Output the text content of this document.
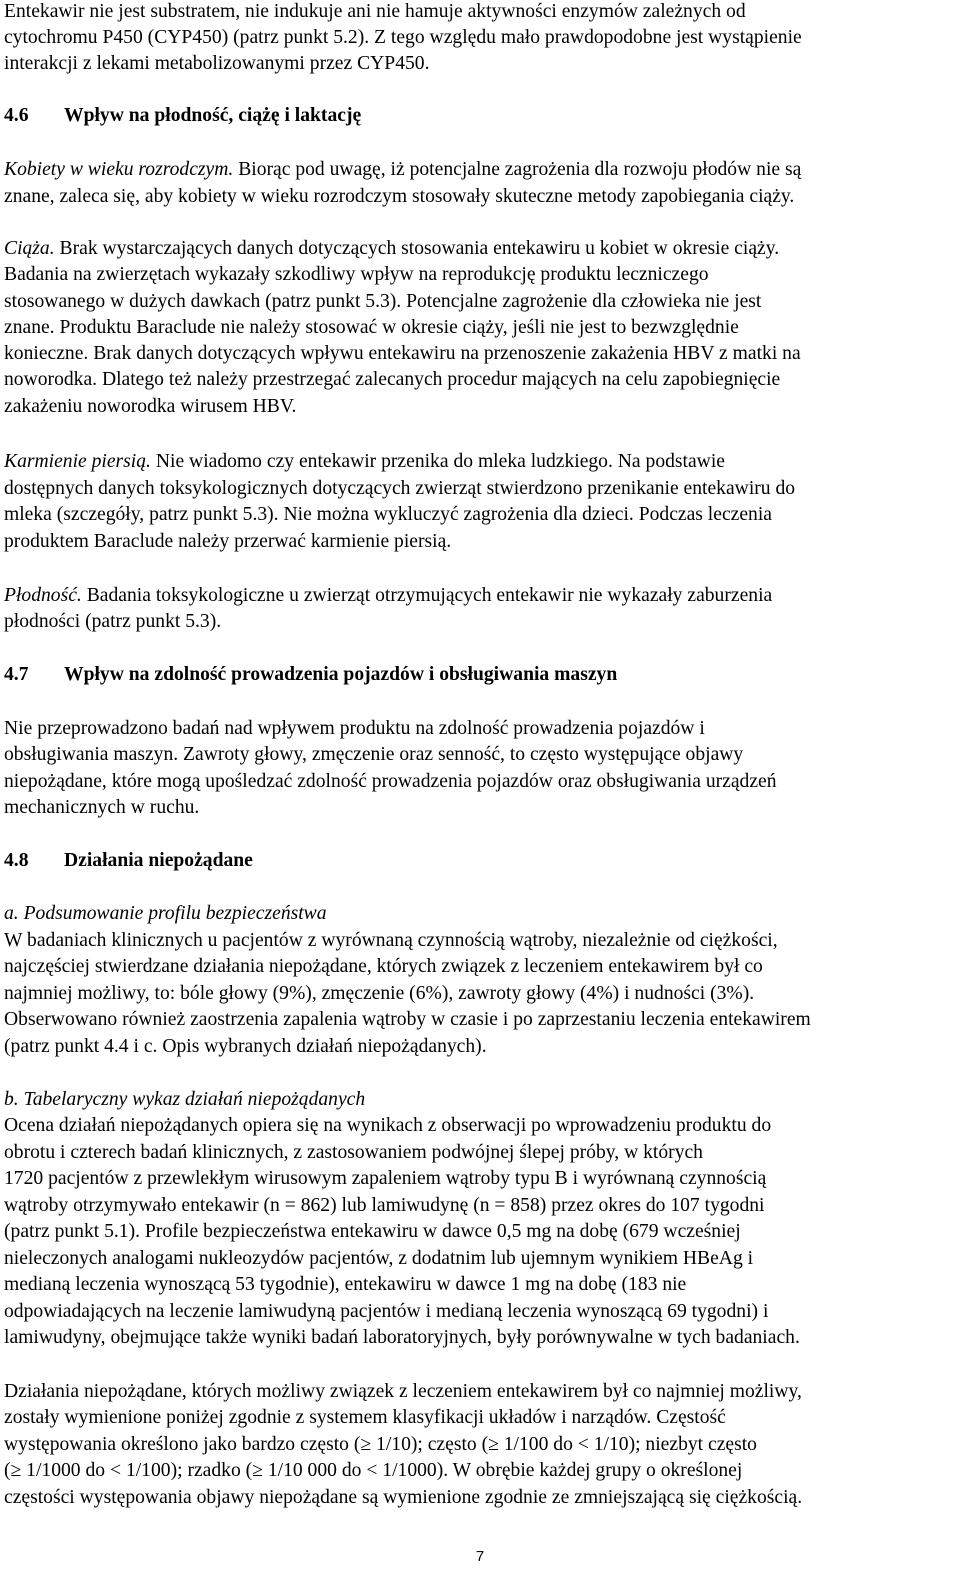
Entekawir nie jest substratem, nie indukuje ani nie hamuje aktywności enzymów zależnych od
cytochromu P450 (CYP450) (patrz punkt 5.2). Z tego względu mało prawdopodobne jest wystąpienie
interakcji z lekami metabolizowanymi przez CYP450.
4.6 Wpływ na płodność, ciążę i laktację
Kobiety w wieku rozrodczym. Biorąc pod uwagę, iż potencjalne zagrożenia dla rozwoju płodów nie są
znane, zaleca się, aby kobiety w wieku rozrodczym stosowały skuteczne metody zapobiegania ciąży.
Ciąża. Brak wystarczających danych dotyczących stosowania entekawiru u kobiet w okresie ciąży.
Badania na zwierzętach wykazały szkodliwy wpływ na reprodukcję produktu leczniczego
stosowanego w dużych dawkach (patrz punkt 5.3). Potencjalne zagrożenie dla człowieka nie jest
znane. Produktu Baraclude nie należy stosować w okresie ciąży, jeśli nie jest to bezwzględnie
konieczne. Brak danych dotyczących wpływu entekawiru na przenoszenie zakażenia HBV z matki na
noworodka. Dlatego też należy przestrzegać zalecanych procedur mających na celu zapobiegnięcie
zakażeniu noworodka wirusem HBV.
Karmienie piersią. Nie wiadomo czy entekawir przenika do mleka ludzkiego. Na podstawie
dostępnych danych toksykologicznych dotyczących zwierząt stwierdzono przenikanie entekawiru do
mleka (szczegóły, patrz punkt 5.3). Nie można wykluczyć zagrożenia dla dzieci. Podczas leczenia
produktem Baraclude należy przerwać karmienie piersią.
Płodność. Badania toksykologiczne u zwierząt otrzymujących entekawir nie wykazały zaburzenia
płodności (patrz punkt 5.3).
4.7 Wpływ na zdolność prowadzenia pojazdów i obsługiwania maszyn
Nie przeprowadzono badań nad wpływem produktu na zdolność prowadzenia pojazdów i
obsługiwania maszyn. Zawroty głowy, zmęczenie oraz senność, to często występujące objawy
niepożądane, które mogą upośledzać zdolność prowadzenia pojazdów oraz obsługiwania urządzeń
mechanicznych w ruchu.
4.8 Działania niepożądane
a. Podsumowanie profilu bezpieczeństwa
W badaniach klinicznych u pacjentów z wyrównaną czynnością wątroby, niezależnie od ciężkości,
najczęściej stwierdzane działania niepożądane, których związek z leczeniem entekawirem był co
najmniej możliwy, to: bóle głowy (9%), zmęczenie (6%), zawroty głowy (4%) i nudności (3%).
Obserwowano również zaostrzenia zapalenia wątroby w czasie i po zaprzestaniu leczenia entekawirem
(patrz punkt 4.4 i c. Opis wybranych działań niepożądanych).
b. Tabelaryczny wykaz działań niepożądanych
Ocena działań niepożądanych opiera się na wynikach z obserwacji po wprowadzeniu produktu do
obrotu i czterech badań klinicznych, z zastosowaniem podwójnej ślepej próby, w których
1720 pacjentów z przewlekłym wirusowym zapaleniem wątroby typu B i wyrównaną czynnością
wątroby otrzymywało entekawir (n = 862) lub lamiwudynę (n = 858) przez okres do 107 tygodni
(patrz punkt 5.1). Profile bezpieczeństwa entekawiru w dawce 0,5 mg na dobę (679 wcześniej
nieleczonych analogami nukleozydów pacjentów, z dodatnim lub ujemnym wynikiem HBeAg i
medianą leczenia wynoszącą 53 tygodnie), entekawiru w dawce 1 mg na dobę (183 nie
odpowiadających na leczenie lamiwudyną pacjentów i medianą leczenia wynoszącą 69 tygodni) i
lamiwudyny, obejmujące także wyniki badań laboratoryjnych, były porównywalne w tych badaniach.
Działania niepożądane, których możliwy związek z leczeniem entekawirem był co najmniej możliwy,
zostały wymienione poniżej zgodnie z systemem klasyfikacji układów i narządów. Częstość
występowania określono jako bardzo często (≥ 1/10); często (≥ 1/100 do < 1/10); niezbyt często
(≥ 1/1000 do < 1/100); rzadko (≥ 1/10 000 do < 1/1000). W obrębie każdej grupy o określonej
częstości występowania objawy niepożądane są wymienione zgodnie ze zmniejszającą się ciężkością.
7
